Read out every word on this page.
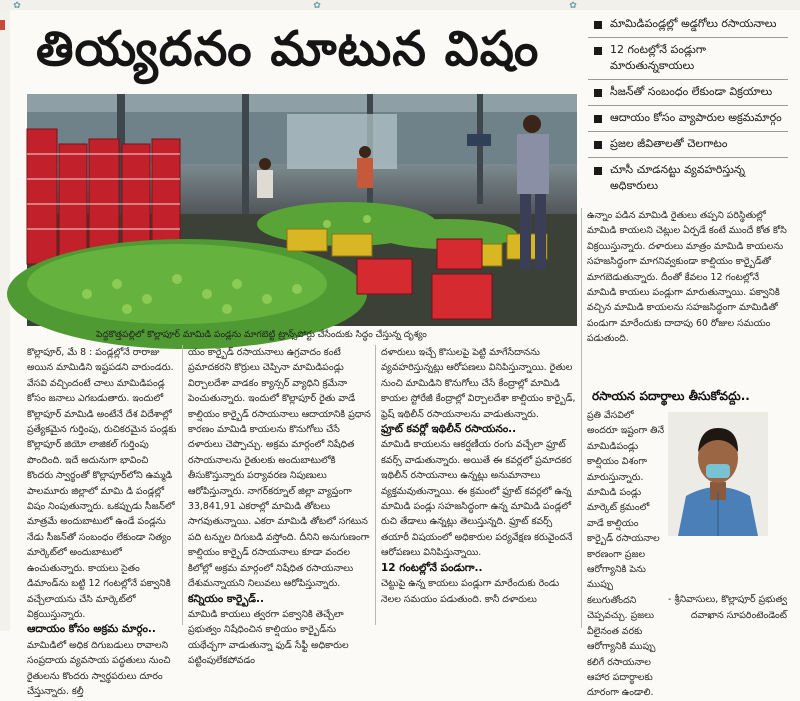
✿	✿	✿
తియ్యదనం మాటున విషం
పెద్దకొత్తపల్లిలో కొల్లాపూర్ మామిడి పండ్లను మాగబెట్టి ట్రాన్స్‌పోర్టు చేసేందుకు సిద్ధం చేస్తున్న దృశ్యం
మామిడిపండ్లల్లో అడ్డగోలు రసాయనాలు
12 గంటల్లోనే పండ్లుగా మారుతున్నకాయలు
సీజన్‌తో సంబంధం లేకుండా విక్రయాలు
ఆదాయం కోసం వ్యాపారుల అక్రమమార్గం
ప్రజల జీవితాలతో చెలగాటం
చూసీ చూడనట్టు వ్యవహరిస్తున్న అధికారులు

కొల్లాపూర్, మే 8 : పండ్లల్లోనే రారాజు అయిన మామిడిని ఇష్టపడని వారుండరు. వేసవి వచ్చిందంటే చాలు మామిడిపండ్ల కోసం జనాలు ఎగబడుతారు. ఇందులో కొల్లాపూర్ మామిడి అంటేనే దేశ విదేశాల్లో ప్రత్యేకమైన గుర్తింపు, రుచికరమైన పండ్లకు కొల్లాపూర్ జియో లాజికల్ గుర్తింపు పొందింది. ఇదే అదునుగా భావించి కొందరు స్వార్థంతో కొల్లాపూర్‌లోని ఉమ్మడి పాలమూరు జిల్లాలో మామి డి పండ్లల్లో విషం నింపుతున్నారు. ఒకప్పుడు సీజన్‌లో మాత్రమే అందుబాటులో ఉండే పండ్లను నేడు సీజన్‌తో సంబంధం లేకుండా నిత్యం మార్కెట్‌లో అందుబాటులో ఉంచుతున్నారు. కాయలు సైతం డిమాండ్‌ను బట్టి 12 గంటల్లోనే పక్వానికి వచ్చేలాయను చేసి మార్కెట్‌లో విక్రయిస్తున్నారు.

ఆదాయం కోసం అక్రమ మార్గం..

మామిడిలో అధిక దిగుబడులు రావాలని సంప్రదాయ వ్యవసాయ పద్ధతులు నుంచి రైతులను కొందరు స్వార్థపరులు దూరం చేస్తున్నారు. కల్తీ

యం కార్బైడ్ రసాయనాలు ఉగ్రవాదం కంటే ప్రమాదకరని కొర్రులు చెప్పినా మామిడిపండ్లు విర్చాలదేశా వాడకం క్యాన్సర్ వ్యాధిని క్రమేనా పెంచుతున్నారు. ఇందులో కొల్లాపూర్ రైతు వాడే కాల్షియం కార్బైడ్ రసాయనాలు ఆదాయానికి ప్రధాన కారణం మామిడి కాయలను కొనుగోలు చేసే దళారులు చెప్పొచ్చు. అక్రమ మార్గంలో నిషేధిత రసాయనాలను రైతులకు అందుబాటులోకి తీసుకొస్తున్నారు పర్యావరణ నిపుణులు ఆరోపిస్తున్నారు. నాగర్‌కర్నూల్ జిల్లా వ్యాప్తంగా 33,841,91 ఎకరాల్లో మామిడి తోటలు సాగవుతున్నాయి. ఎకరా మామిడి తోటలో సగటున పది టన్నుల దిగుబడి వస్తోంది. దీనిని అనుగుణంగా కాల్షియం కార్బైడ్ రసాయనాలు కూడా వందల కిలోల్లో అక్రమ మార్గంలో నిషేధిత రసాయనాలు దేశుమన్నాయని నిలువలు ఆరోపిస్తున్నారు.

కన్నియం కార్బైడ్..

మామిడి కాయలు త్వరగా పక్వానికి తెచ్చేలా ప్రభుత్వం నిషేధించిన కాల్షియం కార్బైడ్‌ను యథేచ్ఛగా వాడుతున్నా ఫుడ్ సేఫ్టీ అధికారుల పట్టింపులేకపోవడం

దళారులు ఇచ్చే కొసులపై పెట్టి మాగేసేదానను వ్యవహరిస్తున్నట్లు ఆరోపణలు వినిపిస్తున్నాయి. రైతుల నుంచి మామిడిని కొనుగోలు చేసే కేంద్రాల్లో మామిడి కాయల స్టోరేజీ కేంద్రాల్లో విర్చాలదేశా కాల్షియం కార్బైడ్, ఫ్రెష్ ఇథిలీన్ రసాయనాలను వాడుతున్నారు.

ఫ్రూట్ కవర్లో ఇథిలీన్ రసాయనం..

మామిడి కాయలను ఆకర్షణీయ రంగు వచ్చేలా ఫ్రూట్ కవర్స్ వాడుతున్నారు. అయితే ఈ కవర్లలో ప్రమాదకర ఇథిలీన్ రసాయనాలు ఉన్నట్లు అనుమానాలు వ్యక్తమవుతున్నాయి. ఈ క్రమంలో ఫ్రూట్ కవర్లలో ఉన్న మామిడి పండ్లు సహజసిద్ధంగా ఉన్న మామిడి పండ్లలో రుచి తేడాలు ఉన్నట్లు తెలుస్తున్నది. ఫ్రూట్ కవర్స్ తయారీ విషయంలో అధికారుల పర్యవేక్షణ కరువైందనే ఆరోపణలు వినిపిస్తున్నాయి.

12 గంటల్లోనే పండుగా..

చెట్టుపై ఉన్న కాయలు పండ్లుగా మారేందుకు రెండు నెలల సమయం పడుతుంది. కానీ దళారులు

ఉన్నాం పడిన మామిడి రైతులు తప్పని పరిస్థితుల్లో మామిడి కాయలని చెట్లుల ఏర్పడే కంటే ముందే కోత కోసి విక్రయిస్తున్నారు. దళారులు మాత్రం మామిడి కాయలను సహజసిద్ధంగా మాగనివ్వకుండా కాల్షియం కార్బైడ్‌తో మాగబెడుతున్నారు. దీంతో కేవలం 12 గంటల్లోనే మామిడి కాయలు పండ్లుగా మారుతున్నాయి. పక్వానికి వచ్చిన మామిడి కాయలను సహజసిద్ధంగా మామిడితో పండుగా మారేందుకు దాదాపు 60 రోజుల సమయం పడుతుంది.

రసాయన పదార్థాలు తీసుకోవద్దు..

ప్రతి వేసవిలో అందరూ ఇష్టంగా తినే మామిడిపండ్లు కాల్షియం విశంగా మారుస్తున్నారు. మామిడి పండ్లు మార్కెట్ క్రమంలో వాడే కాల్షియం కార్బైడ్ రసాయనాల కారణంగా ప్రజల ఆరోగ్యానికి పెను ముప్పు కలుగుతోందని చెప్పవచ్చు. ప్రజలు వీలైనంత వరకు ఆరోగ్యానికి ముప్పు కలిగే రసాయనాల ఆహార పదార్థాలకు దూరంగా ఉండాలి.

- శ్రీనివాసులు, కొల్లాపూర్ ప్రభుత్వ
దవాఖాన సూపరింటెండెంట్
